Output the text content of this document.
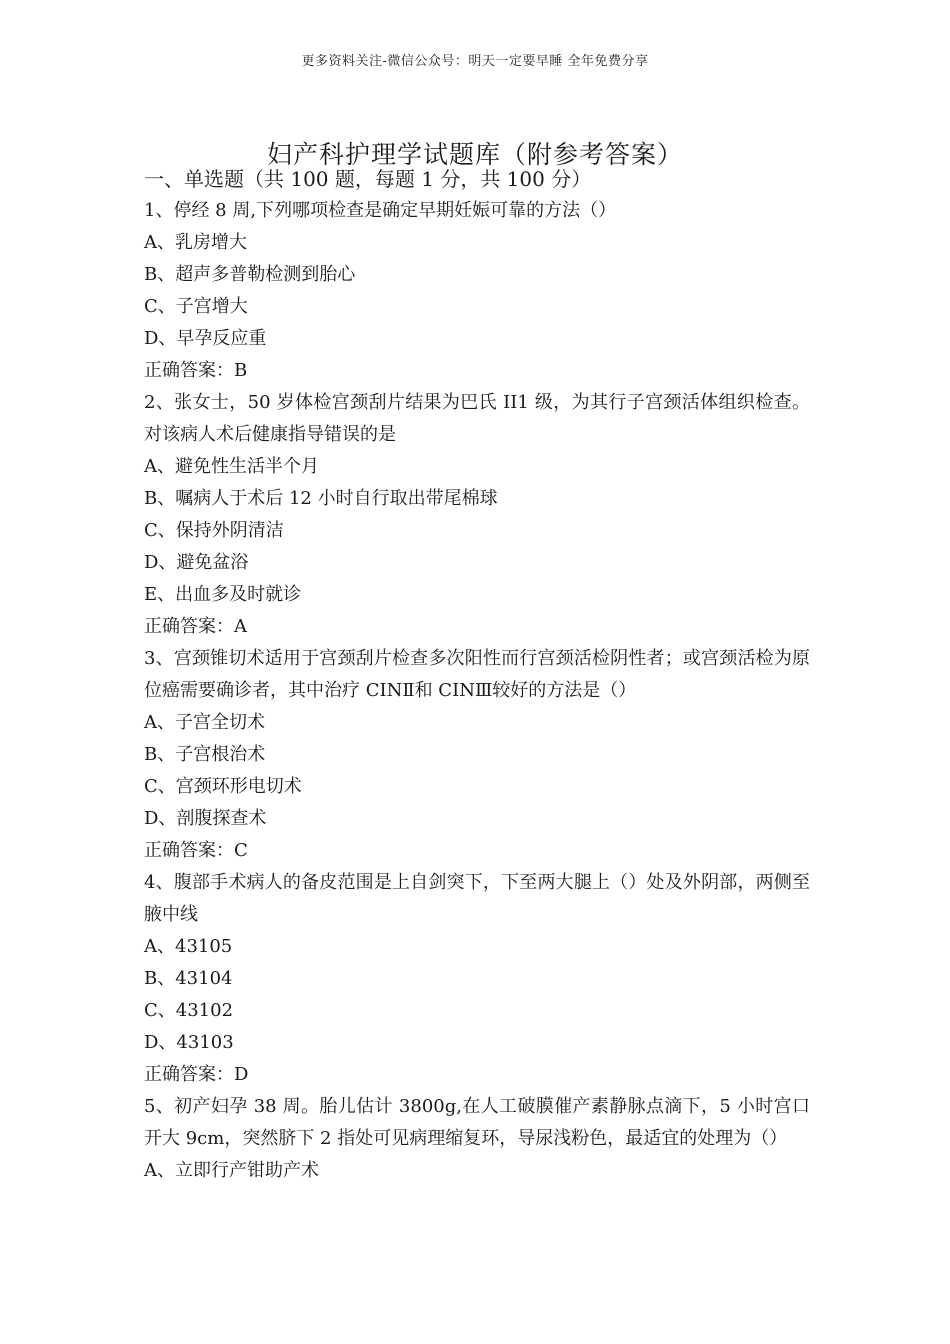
更多资料关注-微信公众号：明天一定要早睡 全年免费分享
妇产科护理学试题库（附参考答案）
一、单选题（共 100 题，每题 1 分，共 100 分）

1、停经 8 周,下列哪项检查是确定早期妊娠可靠的方法（）

A、乳房增大

B、超声多普勒检测到胎心

C、子宫增大

D、早孕反应重

正确答案：B

2、张女士，50 岁体检宫颈刮片结果为巴氏 II1 级，为其行子宫颈活体组织检查。对该病人术后健康指导错误的是

A、避免性生活半个月

B、嘱病人于术后 12 小时自行取出带尾棉球

C、保持外阴清洁

D、避免盆浴

E、出血多及时就诊

正确答案：A

3、宫颈锥切术适用于宫颈刮片检查多次阳性而行宫颈活检阴性者；或宫颈活检为原位癌需要确诊者，其中治疗 CINⅡ和 CINⅢ较好的方法是（）

A、子宫全切术

B、子宫根治术

C、宫颈环形电切术

D、剖腹探查术

正确答案：C

4、腹部手术病人的备皮范围是上自剑突下，下至两大腿上（）处及外阴部，两侧至腋中线

A、43105

B、43104

C、43102

D、43103

正确答案：D

5、初产妇孕 38 周。胎儿估计 3800g,在人工破膜催产素静脉点滴下，5 小时宫口开大 9cm，突然脐下 2 指处可见病理缩复环，导尿浅粉色，最适宜的处理为（）

A、立即行产钳助产术
